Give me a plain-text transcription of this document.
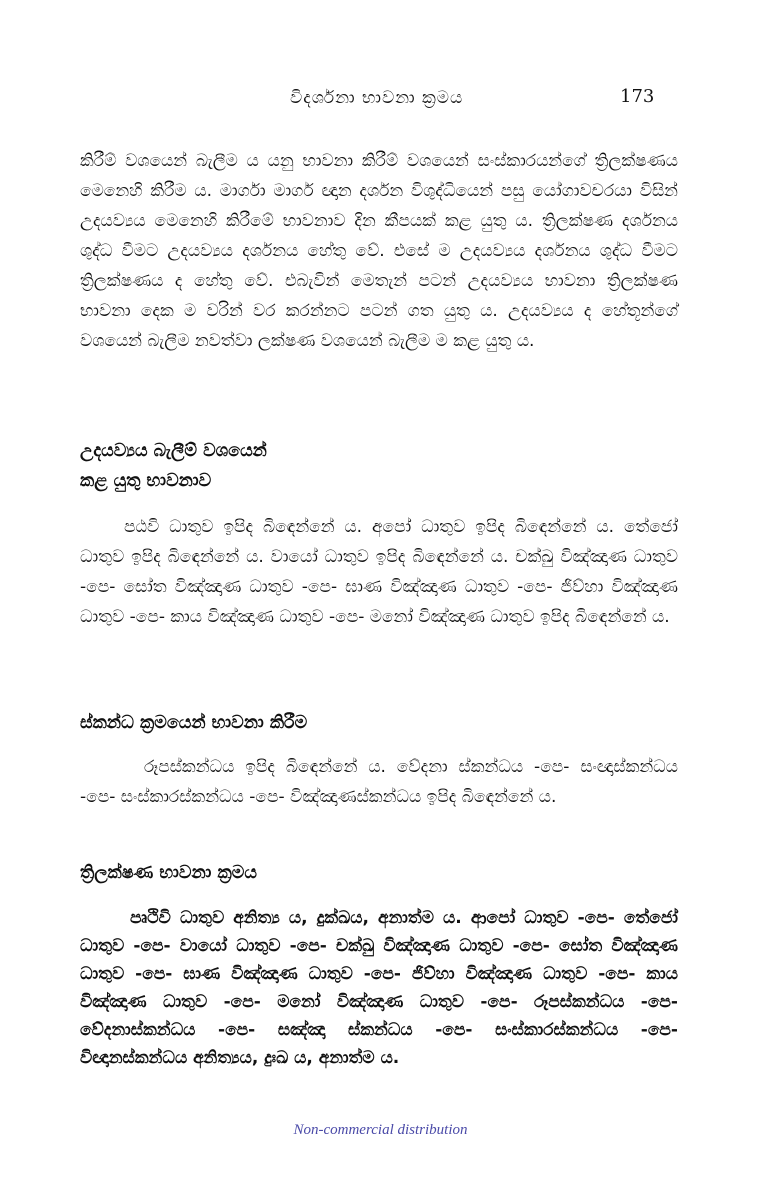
විදර්ශනා භාවනා ක්‍රමය	173

කිරීම් වශයෙන් බැලීම ය යනු භාවනා කිරීම් වශයෙන් සංස්කාරයන්ගේ ත්‍රිලක්ෂණය මෙනෙහි කිරීම ය. මාර්ගා මාර්ග ඥාන දර්ශන විශුද්ධියෙන් පසු යෝගාවචරයා විසින් උදයව්‍යය මෙනෙහි කිරීමේ භාවනාව දින කීපයක් කළ යුතු ය. ත්‍රිලක්ෂණ දර්ශනය ශුද්ධ වීමට උදයව්‍යය දර්ශනය හේතු වේ. එසේ ම උදයව්‍යය දර්ශනය ශුද්ධ වීමට ත්‍රිලක්ෂණය ද හේතු වේ. එබැවින් මෙතැන් පටන් උදයව්‍යය භාවනා ත්‍රිලක්ෂණ භාවනා දෙක ම වරින් වර කරන්නට පටන් ගත යුතු ය. උදයව්‍යය ද හේතූන්ගේ වශයෙන් බැලීම නවත්වා ලක්ෂණ වශයෙන් බැලීම ම කළ යුතු ය.

උදයව්‍යය බැලීම් වශයෙන්
කළ යුතු භාවනාව

පඨවි ධාතුව ඉපිද බිඳෙන්නේ ය. අපෝ ධාතුව ඉපිද බිඳෙන්නේ ය. තේජෝ ධාතුව ඉපිද බිඳෙන්නේ ය. වායෝ ධාතුව ඉපිද බිඳෙන්නේ ය. චක්ඛු විඤ්ඤාණ ධාතුව -පෙ- සෝත විඤ්ඤාණ ධාතුව -පෙ- ඝාණ විඤ්ඤාණ ධාතුව -පෙ- ජිව්හා විඤ්ඤාණ ධාතුව -පෙ- කාය විඤ්ඤාණ ධාතුව -පෙ- මනෝ විඤ්ඤාණ ධාතුව ඉපිද බිඳෙන්නේ ය.

ස්කන්ධ ක්‍රමයෙන් භාවනා කිරීම

රූපස්කන්ධය ඉපිද බිඳෙන්නේ ය. වේදනා ස්කන්ධය -පෙ- සංඥාස්කන්ධය -පෙ- සංස්කාරස්කන්ධය -පෙ- විඤ්ඤාණස්කන්ධය ඉපිද බිඳෙන්නේ ය.

ත්‍රිලක්ෂණ භාවනා ක්‍රමය

පෘථිවි ධාතුව අනිත්‍ය ය, දුක්ඛය, අනාත්ම ය. ආපෝ ධාතුව -පෙ- තේජෝ ධාතුව -පෙ- වායෝ ධාතුව -පෙ- චක්ඛු විඤ්ඤාණ ධාතුව -පෙ- සෝත විඤ්ඤාණ ධාතුව -පෙ- ඝාණ විඤ්ඤාණ ධාතුව -පෙ- ජිව්හා විඤ්ඤාණ ධාතුව -පෙ- කාය විඤ්ඤාණ ධාතුව -පෙ- මනෝ විඤ්ඤාණ ධාතුව -පෙ- රූපස්කන්ධය -පෙ- වේදනාස්කන්ධය -පෙ- සඤ්ඤා ස්කන්ධය -පෙ- සංස්කාරස්කන්ධය -පෙ- විඥානස්කන්ධය අනිත්‍යය, දුඃඛ ය, අනාත්ම ය.

Non-commercial distribution
